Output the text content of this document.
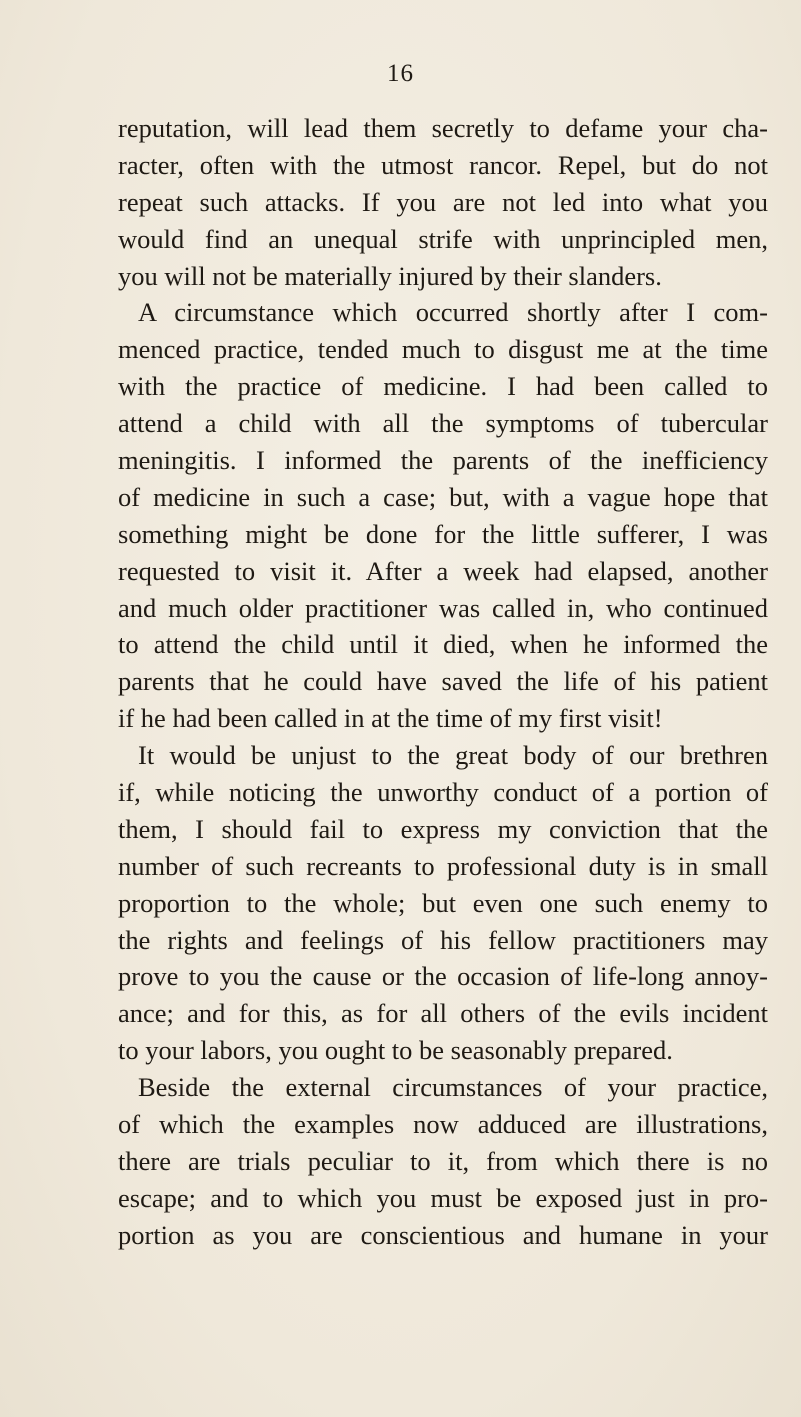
16
reputation, will lead them secretly to defame your cha-
racter, often with the utmost rancor. Repel, but do not
repeat such attacks. If you are not led into what you
would find an unequal strife with unprincipled men,
you will not be materially injured by their slanders.
A circumstance which occurred shortly after I com-
menced practice, tended much to disgust me at the time
with the practice of medicine. I had been called to
attend a child with all the symptoms of tubercular
meningitis. I informed the parents of the inefficiency
of medicine in such a case; but, with a vague hope that
something might be done for the little sufferer, I was
requested to visit it. After a week had elapsed, another
and much older practitioner was called in, who continued
to attend the child until it died, when he informed the
parents that he could have saved the life of his patient
if he had been called in at the time of my first visit!
It would be unjust to the great body of our brethren
if, while noticing the unworthy conduct of a portion of
them, I should fail to express my conviction that the
number of such recreants to professional duty is in small
proportion to the whole; but even one such enemy to
the rights and feelings of his fellow practitioners may
prove to you the cause or the occasion of life-long annoy-
ance; and for this, as for all others of the evils incident
to your labors, you ought to be seasonably prepared.
Beside the external circumstances of your practice,
of which the examples now adduced are illustrations,
there are trials peculiar to it, from which there is no
escape; and to which you must be exposed just in pro-
portion as you are conscientious and humane in your
